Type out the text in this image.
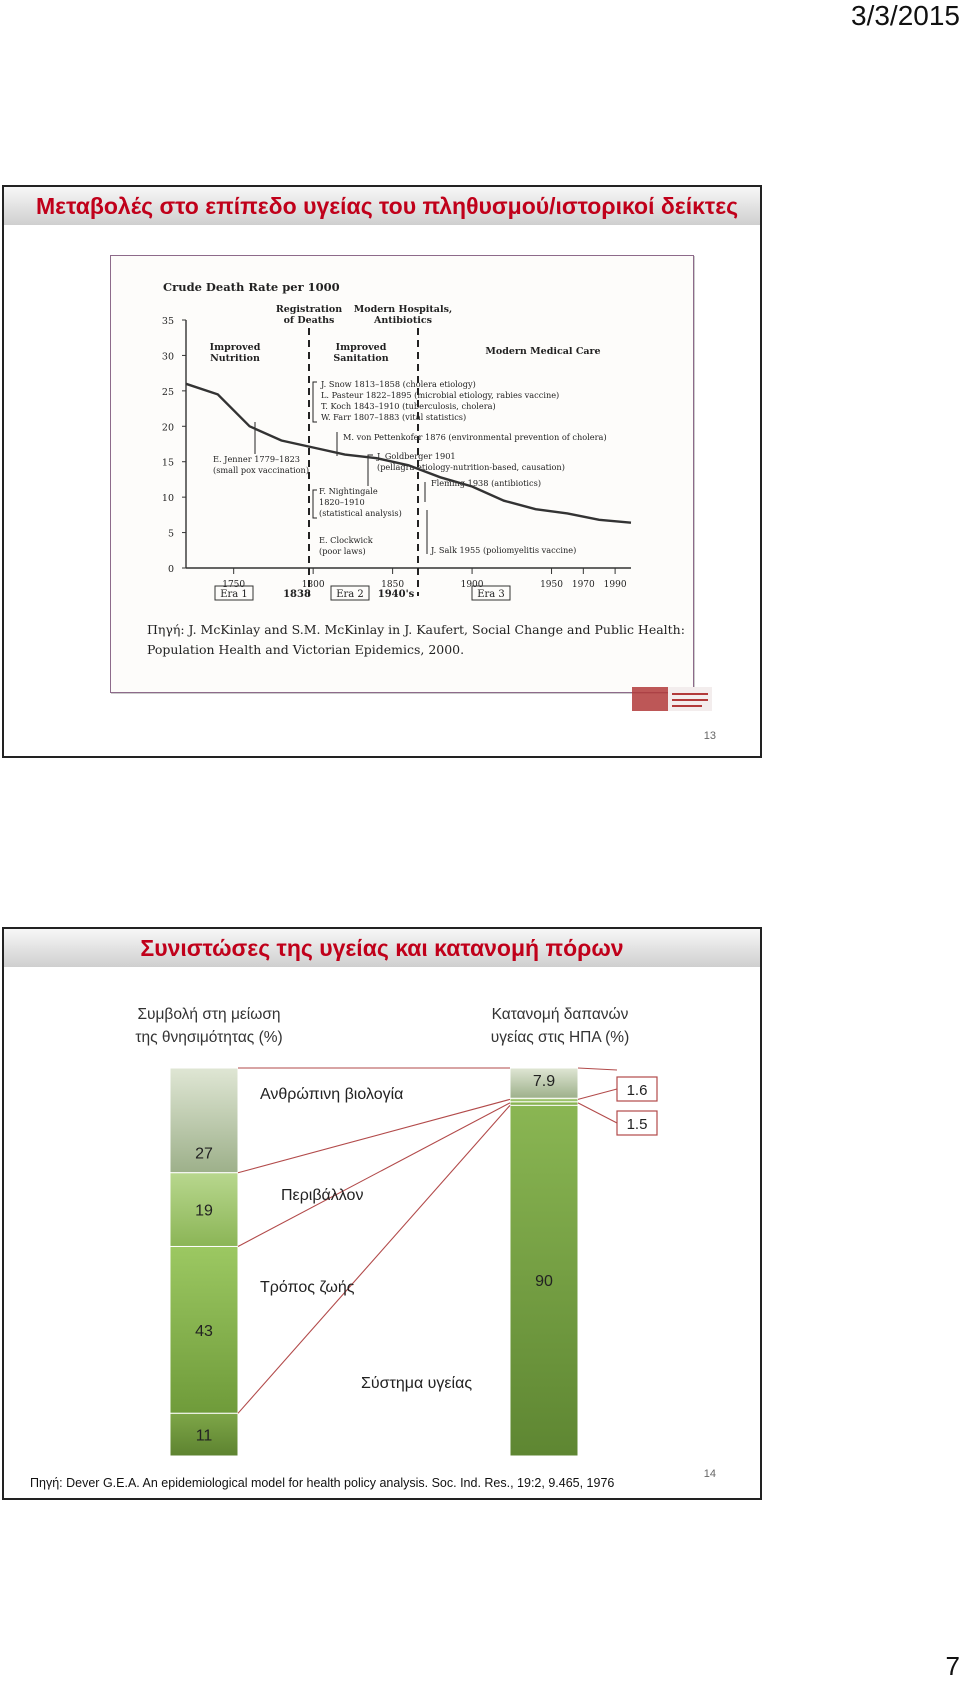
3/3/2015
Μεταβολές στο επίπεδο υγείας του πληθυσμού/ιστορικοί δείκτες
Crude Death Rate per 1000
0
5
10
15
20
25
30
35
1750	1800	1850	1900	1950 1970 1990
Registration
of Deaths
Modern Hospitals,
Antibiotics
Improved
Nutrition
Improved
Sanitation
Modern Medical Care
J. Snow 1813–1858 (cholera etiology)
L. Pasteur 1822–1895 (microbial etiology, rabies vaccine)
T. Koch 1843–1910 (tuberculosis, cholera)
W. Farr 1807–1883 (vital statistics)
M. von Pettenkofer 1876 (environmental prevention of cholera)
E. Jenner 1779–1823
(small pox vaccination)
J. Goldberger 1901
(pellagra etiology-nutrition-based, causation)
F. Nightingale
1820–1910
(statistical analysis)
Fleming 1938 (antibiotics)
E. Clockwick
(poor laws)	J. Salk 1955 (poliomyelitis vaccine)
Era 1	1838	Era 2 1940's	Era 3
Πηγή: J. McKinlay and S.M. McKinlay in J. Kaufert, Social Change and Public Health:
Population Health and Victorian Epidemics, 2000.
13
Συνιστώσες της υγείας και κατανομή πόρων
Συμβολή στη μείωση
της θνησιμότητας (%)
Κατανομή δαπανών
υγείας στις ΗΠΑ (%)
27
19
43
11
7.9
90
Ανθρώπινη βιολογία
Περιβάλλον
Τρόπος ζωής
Σύστημα υγείας
1.6
1.5
Πηγή: Dever G.E.A. An epidemiological model for health policy analysis. Soc. Ind. Res., 19:2, 9.465, 1976
14
7
